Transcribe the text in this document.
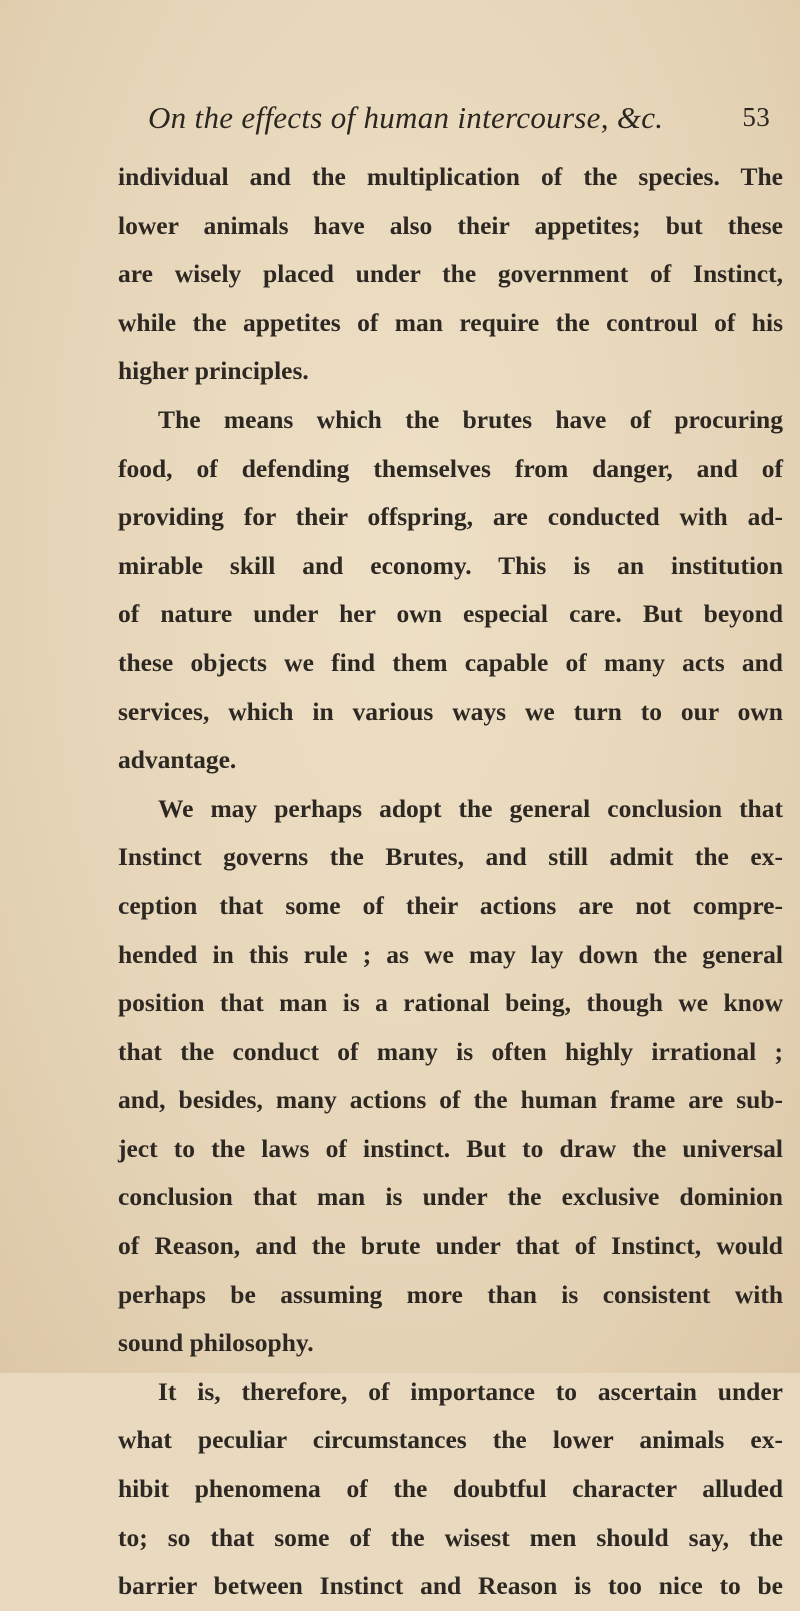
On the effects of human intercourse, &c.	53
individual and the multiplication of the species. The
lower animals have also their appetites; but these
are wisely placed under the government of Instinct,
while the appetites of man require the controul of his
higher principles.
The means which the brutes have of procuring
food, of defending themselves from danger, and of
providing for their offspring, are conducted with ad-
mirable skill and economy. This is an institution
of nature under her own especial care. But beyond
these objects we find them capable of many acts and
services, which in various ways we turn to our own
advantage.
We may perhaps adopt the general conclusion that
Instinct governs the Brutes, and still admit the ex-
ception that some of their actions are not compre-
hended in this rule ; as we may lay down the general
position that man is a rational being, though we know
that the conduct of many is often highly irrational ;
and, besides, many actions of the human frame are sub-
ject to the laws of instinct. But to draw the universal
conclusion that man is under the exclusive dominion
of Reason, and the brute under that of Instinct, would
perhaps be assuming more than is consistent with
sound philosophy.
It is, therefore, of importance to ascertain under
what peculiar circumstances the lower animals ex-
hibit phenomena of the doubtful character alluded
to; so that some of the wisest men should say, the
barrier between Instinct and Reason is too nice to be
